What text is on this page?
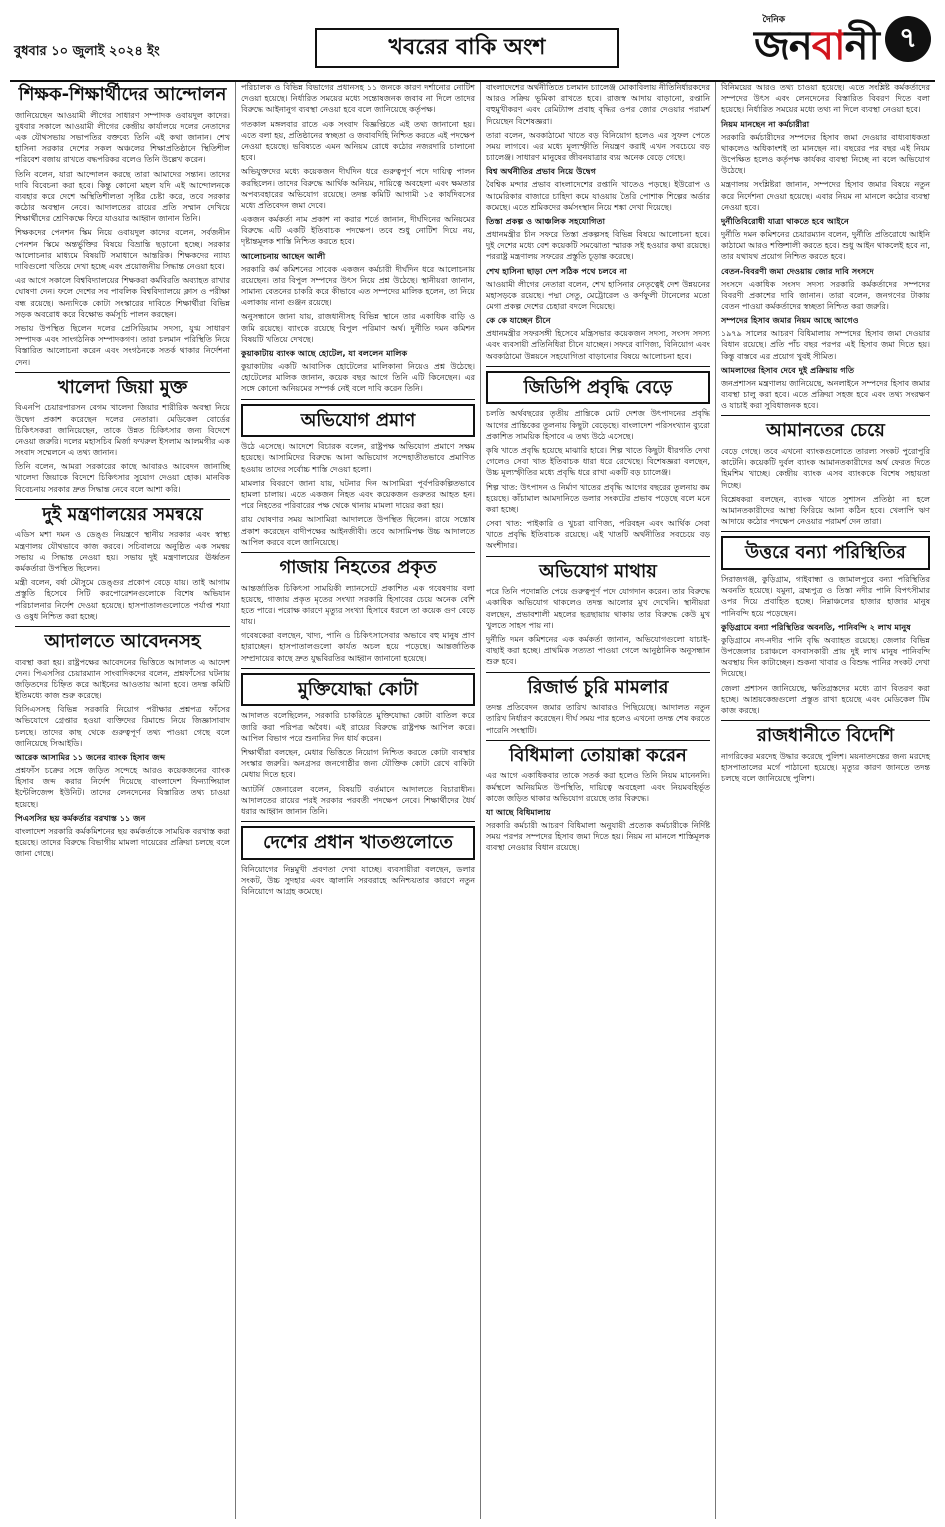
বুধবার ১০ জুলাই ২০২৪ ইং	খবরের বাকি অংশ
দৈনিক
জন বা নী ৭
শিক্ষক-শিক্ষার্থীদের আন্দোলন

জানিয়েছেন আওয়ামী লীগের সাধারণ সম্পাদক ওবায়দুল কাদের। বুধবার সকালে আওয়ামী লীগের কেন্দ্রীয় কার্যালয়ে দলের নেতাদের এক যৌথসভায় সভাপতির বক্তব্যে তিনি এই কথা জানান। শেখ হাসিনা সরকার দেশের সকল অঞ্চলের শিক্ষাপ্রতিষ্ঠানে স্থিতিশীল পরিবেশ বজায় রাখতে বদ্ধপরিকর বলেও তিনি উল্লেখ করেন।

তিনি বলেন, যারা আন্দোলন করছে তারা আমাদের সন্তান। তাদের দাবি বিবেচনা করা হবে। কিন্তু কোনো মহল যদি এই আন্দোলনকে ব্যবহার করে দেশে অস্থিতিশীলতা সৃষ্টির চেষ্টা করে, তবে সরকার কঠোর অবস্থান নেবে। আদালতের রায়ের প্রতি সম্মান দেখিয়ে শিক্ষার্থীদের শ্রেণিকক্ষে ফিরে যাওয়ার আহ্বান জানান তিনি।

শিক্ষকদের পেনশন স্কিম নিয়ে ওবায়দুল কাদের বলেন, সর্বজনীন পেনশন স্কিমে অন্তর্ভুক্তির বিষয়ে বিভ্রান্তি ছড়ানো হচ্ছে। সরকার আলোচনার মাধ্যমে বিষয়টি সমাধানে আন্তরিক। শিক্ষকদের ন্যায্য দাবিগুলো খতিয়ে দেখা হচ্ছে এবং প্রয়োজনীয় সিদ্ধান্ত নেওয়া হবে।

এর আগে সকালে বিশ্ববিদ্যালয়ের শিক্ষকরা কর্মবিরতি অব্যাহত রাখার ঘোষণা দেন। ফলে দেশের সব পাবলিক বিশ্ববিদ্যালয়ে ক্লাস ও পরীক্ষা বন্ধ রয়েছে। অন্যদিকে কোটা সংস্কারের দাবিতে শিক্ষার্থীরা বিভিন্ন সড়ক অবরোধ করে বিক্ষোভ কর্মসূচি পালন করছেন।

সভায় উপস্থিত ছিলেন দলের প্রেসিডিয়াম সদস্য, যুগ্ম সাধারণ সম্পাদক এবং সাংগঠনিক সম্পাদকগণ। তারা চলমান পরিস্থিতি নিয়ে বিস্তারিত আলোচনা করেন এবং সংগঠনকে সতর্ক থাকার নির্দেশনা দেন।

খালেদা জিয়া মুক্ত

বিএনপি চেয়ারপারসন বেগম খালেদা জিয়ার শারীরিক অবস্থা নিয়ে উদ্বেগ প্রকাশ করেছেন দলের নেতারা। মেডিকেল বোর্ডের চিকিৎসকরা জানিয়েছেন, তাকে উন্নত চিকিৎসার জন্য বিদেশে নেওয়া জরুরি। দলের মহাসচিব মির্জা ফখরুল ইসলাম আলমগীর এক সংবাদ সম্মেলনে এ তথ্য জানান।

তিনি বলেন, আমরা সরকারের কাছে আবারও আবেদন জানাচ্ছি খালেদা জিয়াকে বিদেশে চিকিৎসার সুযোগ দেওয়া হোক। মানবিক বিবেচনায় সরকার দ্রুত সিদ্ধান্ত নেবে বলে আশা করি।

দুই মন্ত্রণালয়ের সমন্বয়ে

এডিস মশা দমন ও ডেঙ্গু নিয়ন্ত্রণে স্থানীয় সরকার এবং স্বাস্থ্য মন্ত্রণালয় যৌথভাবে কাজ করবে। সচিবালয়ে অনুষ্ঠিত এক সমন্বয় সভায় এ সিদ্ধান্ত নেওয়া হয়। সভায় দুই মন্ত্রণালয়ের ঊর্ধ্বতন কর্মকর্তারা উপস্থিত ছিলেন।

মন্ত্রী বলেন, বর্ষা মৌসুমে ডেঙ্গুর প্রকোপ বেড়ে যায়। তাই আগাম প্রস্তুতি হিসেবে সিটি করপোরেশনগুলোকে বিশেষ অভিযান পরিচালনার নির্দেশ দেওয়া হয়েছে। হাসপাতালগুলোতে পর্যাপ্ত শয্যা ও ওষুধ নিশ্চিত করা হচ্ছে।

আদালতে আবেদনসহ

ব্যবস্থা করা হয়। রাষ্ট্রপক্ষের আবেদনের ভিত্তিতে আদালত এ আদেশ দেন। পিএসসির চেয়ারম্যান সাংবাদিকদের বলেন, প্রশ্নফাঁসের ঘটনায় জড়িতদের চিহ্নিত করে আইনের আওতায় আনা হবে। তদন্ত কমিটি ইতিমধ্যে কাজ শুরু করেছে।

বিসিএসসহ বিভিন্ন সরকারি নিয়োগ পরীক্ষার প্রশ্নপত্র ফাঁসের অভিযোগে গ্রেপ্তার হওয়া ব্যক্তিদের রিমান্ডে নিয়ে জিজ্ঞাসাবাদ চলছে। তাদের কাছ থেকে গুরুত্বপূর্ণ তথ্য পাওয়া গেছে বলে জানিয়েছে সিআইডি।

আরেক আসামির ১১ জনের ব্যাংক হিসাব জব্দ

প্রশ্নফাঁস চক্রের সঙ্গে জড়িত সন্দেহে আরও কয়েকজনের ব্যাংক হিসাব জব্দ করার নির্দেশ দিয়েছে বাংলাদেশ ফিন্যান্সিয়াল ইন্টেলিজেন্স ইউনিট। তাদের লেনদেনের বিস্তারিত তথ্য চাওয়া হয়েছে।

পিএসসির ছয় কর্মকর্তার বরখাস্ত ১১ জন

বাংলাদেশ সরকারি কর্মকমিশনের ছয় কর্মকর্তাকে সাময়িক বরখাস্ত করা হয়েছে। তাদের বিরুদ্ধে বিভাগীয় মামলা দায়েরের প্রক্রিয়া চলছে বলে জানা গেছে।

পরিচালক ও বিভিন্ন বিভাগের প্রধানসহ ১১ জনকে কারণ দর্শানোর নোটিশ দেওয়া হয়েছে। নির্ধারিত সময়ের মধ্যে সন্তোষজনক জবাব না দিলে তাদের বিরুদ্ধে আইনানুগ ব্যবস্থা নেওয়া হবে বলে জানিয়েছে কর্তৃপক্ষ।

গতকাল মঙ্গলবার রাতে এক সংবাদ বিজ্ঞপ্তিতে এই তথ্য জানানো হয়। এতে বলা হয়, প্রতিষ্ঠানের স্বচ্ছতা ও জবাবদিহি নিশ্চিত করতে এই পদক্ষেপ নেওয়া হয়েছে। ভবিষ্যতে এমন অনিয়ম রোধে কঠোর নজরদারি চালানো হবে।

অভিযুক্তদের মধ্যে কয়েকজন দীর্ঘদিন ধরে গুরুত্বপূর্ণ পদে দায়িত্ব পালন করছিলেন। তাদের বিরুদ্ধে আর্থিক অনিয়ম, দায়িত্বে অবহেলা এবং ক্ষমতার অপব্যবহারের অভিযোগ রয়েছে। তদন্ত কমিটি আগামী ১৫ কার্যদিবসের মধ্যে প্রতিবেদন জমা দেবে।

একজন কর্মকর্তা নাম প্রকাশ না করার শর্তে জানান, দীর্ঘদিনের অনিয়মের বিরুদ্ধে এটি একটি ইতিবাচক পদক্ষেপ। তবে শুধু নোটিশ দিয়ে নয়, দৃষ্টান্তমূলক শাস্তি নিশ্চিত করতে হবে।

আলোচনায় আছেন আলী

সরকারি কর্ম কমিশনের সাবেক একজন কর্মচারী দীর্ঘদিন ধরে আলোচনায় রয়েছেন। তার বিপুল সম্পদের উৎস নিয়ে প্রশ্ন উঠেছে। স্থানীয়রা জানান, সামান্য বেতনের চাকরি করে কীভাবে এত সম্পদের মালিক হলেন, তা নিয়ে এলাকায় নানা গুঞ্জন রয়েছে।

অনুসন্ধানে জানা যায়, রাজধানীসহ বিভিন্ন স্থানে তার একাধিক বাড়ি ও জমি রয়েছে। ব্যাংকে রয়েছে বিপুল পরিমাণ অর্থ। দুর্নীতি দমন কমিশন বিষয়টি খতিয়ে দেখছে।

কুয়াকাটায় ব্যাংক আছে হোটেল, যা বললেন মালিক

কুয়াকাটায় একটি আবাসিক হোটেলের মালিকানা নিয়েও প্রশ্ন উঠেছে। হোটেলের মালিক জানান, কয়েক বছর আগে তিনি এটি কিনেছেন। এর সঙ্গে কোনো অনিয়মের সম্পর্ক নেই বলে দাবি করেন তিনি।

অভিযোগ প্রমাণ

উঠে এসেছে। আদেশে বিচারক বলেন, রাষ্ট্রপক্ষ অভিযোগ প্রমাণে সক্ষম হয়েছে। আসামিদের বিরুদ্ধে আনা অভিযোগ সন্দেহাতীতভাবে প্রমাণিত হওয়ায় তাদের সর্বোচ্চ শাস্তি দেওয়া হলো।

মামলার বিবরণে জানা যায়, ঘটনার দিন আসামিরা পূর্বপরিকল্পিতভাবে হামলা চালায়। এতে একজন নিহত এবং কয়েকজন গুরুতর আহত হন। পরে নিহতের পরিবারের পক্ষ থেকে থানায় মামলা দায়ের করা হয়।

রায় ঘোষণার সময় আসামিরা আদালতে উপস্থিত ছিলেন। রায়ে সন্তোষ প্রকাশ করেছেন বাদীপক্ষের আইনজীবী। তবে আসামিপক্ষ উচ্চ আদালতে আপিল করবে বলে জানিয়েছে।

গাজায় নিহতের প্রকৃত

আন্তর্জাতিক চিকিৎসা সাময়িকী ল্যানসেটে প্রকাশিত এক গবেষণায় বলা হয়েছে, গাজায় প্রকৃত মৃতের সংখ্যা সরকারি হিসাবের চেয়ে অনেক বেশি হতে পারে। পরোক্ষ কারণে মৃত্যুর সংখ্যা হিসাবে ধরলে তা কয়েক গুণ বেড়ে যায়।

গবেষকেরা বলছেন, খাদ্য, পানি ও চিকিৎসাসেবার অভাবে বহু মানুষ প্রাণ হারাচ্ছেন। হাসপাতালগুলো কার্যত অচল হয়ে পড়েছে। আন্তর্জাতিক সম্প্রদায়ের কাছে দ্রুত যুদ্ধবিরতির আহ্বান জানানো হয়েছে।

মুক্তিযোদ্ধা কোটা

আদালত বলেছিলেন, সরকারি চাকরিতে মুক্তিযোদ্ধা কোটা বাতিল করে জারি করা পরিপত্র অবৈধ। এই রায়ের বিরুদ্ধে রাষ্ট্রপক্ষ আপিল করে। আপিল বিভাগ পরে শুনানির দিন ধার্য করেন।

শিক্ষার্থীরা বলছেন, মেধার ভিত্তিতে নিয়োগ নিশ্চিত করতে কোটা ব্যবস্থার সংস্কার জরুরি। অনগ্রসর জনগোষ্ঠীর জন্য যৌক্তিক কোটা রেখে বাকিটা মেধায় দিতে হবে।

অ্যাটর্নি জেনারেল বলেন, বিষয়টি বর্তমানে আদালতে বিচারাধীন। আদালতের রায়ের পরই সরকার পরবর্তী পদক্ষেপ নেবে। শিক্ষার্থীদের ধৈর্য ধরার আহ্বান জানান তিনি।

দেশের প্রধান খাতগুলোতে

বিনিয়োগের নিম্নমুখী প্রবণতা দেখা যাচ্ছে। ব্যবসায়ীরা বলছেন, ডলার সংকট, উচ্চ সুদহার এবং জ্বালানি সরবরাহে অনিশ্চয়তার কারণে নতুন বিনিয়োগে আগ্রহ কমেছে।

বাংলাদেশের অর্থনীতিতে চলমান চ্যালেঞ্জ মোকাবিলায় নীতিনির্ধারকদের আরও সক্রিয় ভূমিকা রাখতে হবে। রাজস্ব আদায় বাড়ানো, রপ্তানি বহুমুখীকরণ এবং রেমিট্যান্স প্রবাহ বৃদ্ধির ওপর জোর দেওয়ার পরামর্শ দিয়েছেন বিশেষজ্ঞরা।

তারা বলেন, অবকাঠামো খাতে বড় বিনিয়োগ হলেও এর সুফল পেতে সময় লাগবে। এর মধ্যে মূল্যস্ফীতি নিয়ন্ত্রণ করাই এখন সবচেয়ে বড় চ্যালেঞ্জ। সাধারণ মানুষের জীবনযাত্রার ব্যয় অনেক বেড়ে গেছে।

বিশ্ব অর্থনীতির প্রভাব নিয়ে উদ্বেগ

বৈশ্বিক মন্দার প্রভাব বাংলাদেশের রপ্তানি খাতেও পড়ছে। ইউরোপ ও আমেরিকার বাজারে চাহিদা কমে যাওয়ায় তৈরি পোশাক শিল্পের অর্ডার কমেছে। এতে শ্রমিকদের কর্মসংস্থান নিয়ে শঙ্কা দেখা দিয়েছে।

তিস্তা প্রকল্প ও আঞ্চলিক সহযোগিতা

প্রধানমন্ত্রীর চীন সফরে তিস্তা প্রকল্পসহ বিভিন্ন বিষয়ে আলোচনা হবে। দুই দেশের মধ্যে বেশ কয়েকটি সমঝোতা স্মারক সই হওয়ার কথা রয়েছে। পররাষ্ট্র মন্ত্রণালয় সফরের প্রস্তুতি চূড়ান্ত করেছে।

শেখ হাসিনা ছাড়া দেশ সঠিক পথে চলবে না

আওয়ামী লীগের নেতারা বলেন, শেখ হাসিনার নেতৃত্বেই দেশ উন্নয়নের মহাসড়কে রয়েছে। পদ্মা সেতু, মেট্রোরেল ও কর্ণফুলী টানেলের মতো মেগা প্রকল্প দেশের চেহারা বদলে দিয়েছে।

কে কে যাচ্ছেন চীনে

প্রধানমন্ত্রীর সফরসঙ্গী হিসেবে মন্ত্রিসভার কয়েকজন সদস্য, সংসদ সদস্য এবং ব্যবসায়ী প্রতিনিধিরা চীনে যাচ্ছেন। সফরে বাণিজ্য, বিনিয়োগ এবং অবকাঠামো উন্নয়নে সহযোগিতা বাড়ানোর বিষয়ে আলোচনা হবে।

জিডিপি প্রবৃদ্ধি বেড়ে

চলতি অর্থবছরের তৃতীয় প্রান্তিকে মোট দেশজ উৎপাদনের প্রবৃদ্ধি আগের প্রান্তিকের তুলনায় কিছুটা বেড়েছে। বাংলাদেশ পরিসংখ্যান ব্যুরো প্রকাশিত সাময়িক হিসাবে এ তথ্য উঠে এসেছে।

কৃষি খাতে প্রবৃদ্ধি হয়েছে মাঝারি হারে। শিল্প খাতে কিছুটা ধীরগতি দেখা গেলেও সেবা খাত ইতিবাচক ধারা ধরে রেখেছে। বিশেষজ্ঞরা বলছেন, উচ্চ মূল্যস্ফীতির মধ্যে প্রবৃদ্ধি ধরে রাখা একটি বড় চ্যালেঞ্জ।

শিল্প খাত: উৎপাদন ও নির্মাণ খাতের প্রবৃদ্ধি আগের বছরের তুলনায় কম হয়েছে। কাঁচামাল আমদানিতে ডলার সংকটের প্রভাব পড়েছে বলে মনে করা হচ্ছে।

সেবা খাত: পাইকারি ও খুচরা বাণিজ্য, পরিবহন এবং আর্থিক সেবা খাতে প্রবৃদ্ধি ইতিবাচক রয়েছে। এই খাতটি অর্থনীতির সবচেয়ে বড় অংশীদার।

অভিযোগ মাথায়

পরে তিনি পদোন্নতি পেয়ে গুরুত্বপূর্ণ পদে যোগদান করেন। তার বিরুদ্ধে একাধিক অভিযোগ থাকলেও তদন্ত আলোর মুখ দেখেনি। স্থানীয়রা বলছেন, প্রভাবশালী মহলের ছত্রছায়ায় থাকায় তার বিরুদ্ধে কেউ মুখ খুলতে সাহস পায় না।

দুর্নীতি দমন কমিশনের এক কর্মকর্তা জানান, অভিযোগগুলো যাচাই-বাছাই করা হচ্ছে। প্রাথমিক সত্যতা পাওয়া গেলে আনুষ্ঠানিক অনুসন্ধান শুরু হবে।

রিজার্ভ চুরি মামলার

তদন্ত প্রতিবেদন জমার তারিখ আবারও পিছিয়েছে। আদালত নতুন তারিখ নির্ধারণ করেছেন। দীর্ঘ সময় পার হলেও এখনো তদন্ত শেষ করতে পারেনি সংস্থাটি।

বিধিমালা তোয়াক্কা করেন

এর আগে একাধিকবার তাকে সতর্ক করা হলেও তিনি নিয়ম মানেননি। কর্মস্থলে অনিয়মিত উপস্থিতি, দায়িত্বে অবহেলা এবং নিয়মবহির্ভূত কাজে জড়িত থাকার অভিযোগ রয়েছে তার বিরুদ্ধে।

যা আছে বিধিমালায়

সরকারি কর্মচারী আচরণ বিধিমালা অনুযায়ী প্রত্যেক কর্মচারীকে নির্দিষ্ট সময় পরপর সম্পদের হিসাব জমা দিতে হয়। নিয়ম না মানলে শাস্তিমূলক ব্যবস্থা নেওয়ার বিধান রয়েছে।

বিনিময়ের আরও তথ্য চাওয়া হয়েছে। এতে সংশ্লিষ্ট কর্মকর্তাদের সম্পদের উৎস এবং লেনদেনের বিস্তারিত বিবরণ দিতে বলা হয়েছে। নির্ধারিত সময়ের মধ্যে তথ্য না দিলে ব্যবস্থা নেওয়া হবে।

নিয়ম মানছেন না কর্মচারীরা

সরকারি কর্মচারীদের সম্পদের হিসাব জমা দেওয়ার বাধ্যবাধকতা থাকলেও অধিকাংশই তা মানছেন না। বছরের পর বছর এই নিয়ম উপেক্ষিত হলেও কর্তৃপক্ষ কার্যকর ব্যবস্থা নিচ্ছে না বলে অভিযোগ উঠেছে।

মন্ত্রণালয় সংশ্লিষ্টরা জানান, সম্পদের হিসাব জমার বিষয়ে নতুন করে নির্দেশনা দেওয়া হয়েছে। এবার নিয়ম না মানলে কঠোর ব্যবস্থা নেওয়া হবে।

দুর্নীতিবিরোধী যাত্রা থাকতে হবে আইনে

দুর্নীতি দমন কমিশনের চেয়ারম্যান বলেন, দুর্নীতি প্রতিরোধে আইনি কাঠামো আরও শক্তিশালী করতে হবে। শুধু আইন থাকলেই হবে না, তার যথাযথ প্রয়োগ নিশ্চিত করতে হবে।

বেতন-বিবরণী জমা দেওয়ায় জোর দাবি সংসদে

সংসদে একাধিক সংসদ সদস্য সরকারি কর্মকর্তাদের সম্পদের বিবরণী প্রকাশের দাবি জানান। তারা বলেন, জনগণের টাকায় বেতন পাওয়া কর্মকর্তাদের স্বচ্ছতা নিশ্চিত করা জরুরি।

সম্পদের হিসাব জমার নিয়ম আছে আগেও

১৯৭৯ সালের আচরণ বিধিমালায় সম্পদের হিসাব জমা দেওয়ার বিধান রয়েছে। প্রতি পাঁচ বছর পরপর এই হিসাব জমা দিতে হয়। কিন্তু বাস্তবে এর প্রয়োগ খুবই সীমিত।

আমলাদের হিসাব দেবে দুই প্রক্রিয়ায় গতি

জনপ্রশাসন মন্ত্রণালয় জানিয়েছে, অনলাইনে সম্পদের হিসাব জমার ব্যবস্থা চালু করা হবে। এতে প্রক্রিয়া সহজ হবে এবং তথ্য সংরক্ষণ ও যাচাই করা সুবিধাজনক হবে।

আমানতের চেয়ে

বেড়ে গেছে। তবে এখনো ব্যাংকগুলোতে তারল্য সংকট পুরোপুরি কাটেনি। কয়েকটি দুর্বল ব্যাংক আমানতকারীদের অর্থ ফেরত দিতে হিমশিম খাচ্ছে। কেন্দ্রীয় ব্যাংক এসব ব্যাংককে বিশেষ সহায়তা দিচ্ছে।

বিশ্লেষকরা বলছেন, ব্যাংক খাতে সুশাসন প্রতিষ্ঠা না হলে আমানতকারীদের আস্থা ফিরিয়ে আনা কঠিন হবে। খেলাপি ঋণ আদায়ে কঠোর পদক্ষেপ নেওয়ার পরামর্শ দেন তারা।

উত্তরে বন্যা পরিস্থিতির

সিরাজগঞ্জ, কুড়িগ্রাম, গাইবান্ধা ও জামালপুরে বন্যা পরিস্থিতির অবনতি হয়েছে। যমুনা, ব্রহ্মপুত্র ও তিস্তা নদীর পানি বিপৎসীমার ওপর দিয়ে প্রবাহিত হচ্ছে। নিম্নাঞ্চলের হাজার হাজার মানুষ পানিবন্দি হয়ে পড়েছেন।

কুড়িগ্রামে বন্যা পরিস্থিতির অবনতি, পানিবন্দি ২ লাখ মানুষ

কুড়িগ্রামে নদ-নদীর পানি বৃদ্ধি অব্যাহত রয়েছে। জেলার বিভিন্ন উপজেলার চরাঞ্চলে বসবাসকারী প্রায় দুই লাখ মানুষ পানিবন্দি অবস্থায় দিন কাটাচ্ছেন। শুকনা খাবার ও বিশুদ্ধ পানির সংকট দেখা দিয়েছে।

জেলা প্রশাসন জানিয়েছে, ক্ষতিগ্রস্তদের মধ্যে ত্রাণ বিতরণ করা হচ্ছে। আশ্রয়কেন্দ্রগুলো প্রস্তুত রাখা হয়েছে এবং মেডিকেল টিম কাজ করছে।

রাজধানীতে বিদেশি

নাগরিকের মরদেহ উদ্ধার করেছে পুলিশ। ময়নাতদন্তের জন্য মরদেহ হাসপাতালের মর্গে পাঠানো হয়েছে। মৃত্যুর কারণ জানতে তদন্ত চলছে বলে জানিয়েছে পুলিশ।
